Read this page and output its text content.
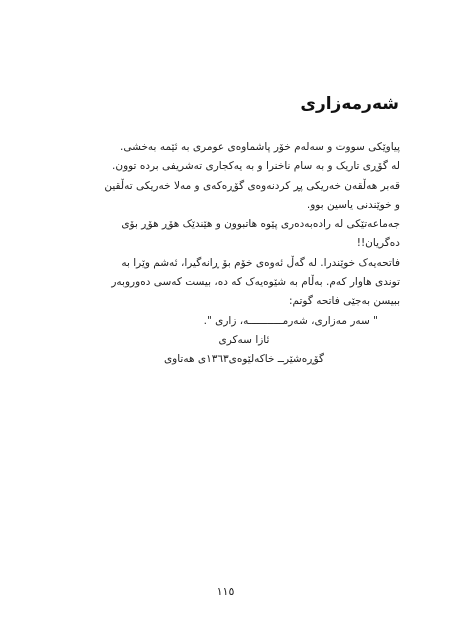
شەرمەزاری
پیاوێکی سووت و سەلەم خۆر پاشماوەی عومری بە ئێمە بەخشی.
لە گۆڕی تاریک و بە سام ناخنرا و بە یەکجاری تەشریفی بردە توون.
قەبر هەڵقەن خەریکی پڕ کردنەوەی گۆڕەکەی و مەلا خەریکی تەڵقین
و خوێندنی یاسین بوو.
جەماعەتێکی لە رادەبەدەری پێوە هاتبوون و هێندێک هۆڕ هۆڕ بۆی
دەگریان!!
فاتحەیەک خوێندرا. لە گەڵ ئەوەی خۆم بۆ ڕانەگیرا، ئەشم وێرا بە
توندی هاوار کەم. بەڵام بە شێوەیەک کە دە، بیست کەسی دەوروبەر
ببیسن بەجێی فاتحە گوتم:
" سەر مەزاری، شەرمـــــــــــە، زاری ".
ئازا سەکری
گۆڕەشێرــ خاکەلێوەی١٣٦٣ی هەتاوی
١١٥
